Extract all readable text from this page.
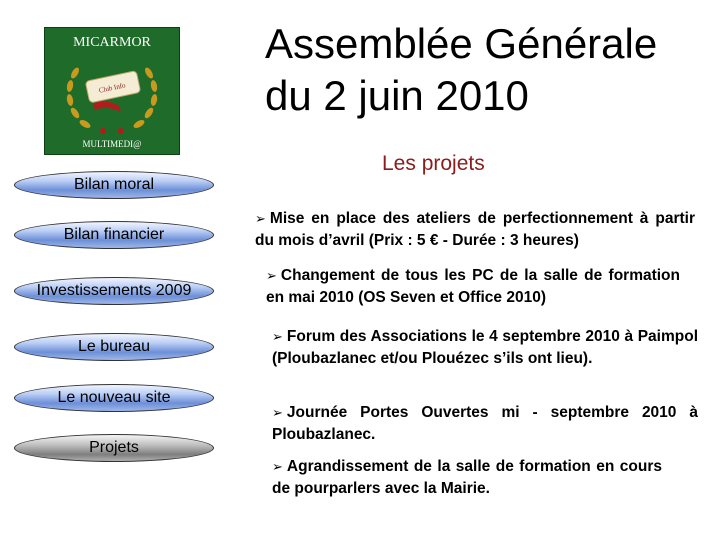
MICARMOR
Club Info
MULTIMEDI@
Assemblée Générale
du 2 juin 2010
Bilan moral
Bilan financier
Investissements 2009
Le bureau
Le nouveau site
Projets
Les projets
➢ Mise en place des ateliers de perfectionnement à partir du mois d’avril (Prix : 5 € - Durée : 3 heures)
➢ Changement de tous les PC de la salle de formation en mai 2010 (OS Seven et Office 2010)
➢ Forum des Associations le 4 septembre 2010 à Paimpol (Ploubazlanec et/ou Plouézec s’ils ont lieu).
➢ Journée Portes Ouvertes mi - septembre 2010 à Ploubazlanec.
➢ Agrandissement de la salle de formation en cours de pourparlers avec la Mairie.
